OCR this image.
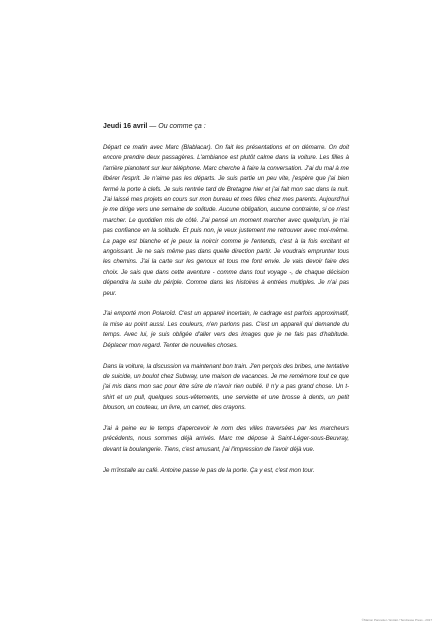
Jeudi 16 avril — Ou comme ça :

Départ ce matin avec Marc (Blablacar). On fait les présentations et on démarre. On doit encore prendre deux passagères. L'ambiance est plutôt calme dans la voiture. Les filles à l'arrière pianotent sur leur téléphone. Marc cherche à faire la conversation. J'ai du mal à me libérer l'esprit. Je n'aime pas les départs. Je suis partie un peu vite, j'espère que j'ai bien fermé la porte à clefs. Je suis rentrée tard de Bretagne hier et j'ai fait mon sac dans la nuit. J'ai laissé mes projets en cours sur mon bureau et mes filles chez mes parents. Aujourd'hui je me dirige vers une semaine de solitude. Aucune obligation, aucune contrainte, si ce n'est marcher. Le quotidien mis de côté. J'ai pensé un moment marcher avec quelqu'un, je n'ai pas confiance en la solitude. Et puis non, je veux justement me retrouver avec moi-même. La page est blanche et je peux la noircir comme je l'entends, c'est à la fois excitant et angoissant. Je ne sais même pas dans quelle direction partir. Je voudrais emprunter tous les chemins. J'ai la carte sur les genoux et tous me font envie. Je vais devoir faire des choix. Je sais que dans cette aventure - comme dans tout voyage -, de chaque décision dépendra la suite du périple. Comme dans les histoires à entrées multiples. Je n'ai pas peur.

J'ai emporté mon Polaroïd. C'est un appareil incertain, le cadrage est parfois approximatif, la mise au point aussi. Les couleurs, n'en parlons pas. C'est un appareil qui demande du temps. Avec lui, je suis obligée d'aller vers des images que je ne fais pas d'habitude. Déplacer mon regard. Tenter de nouvelles choses.

Dans la voiture, la discussion va maintenant bon train. J'en perçois des bribes, une tentative de suicide, un boulot chez Subway, une maison de vacances. Je me remémore tout ce que j'ai mis dans mon sac pour être sûre de n'avoir rien oublié. Il n'y a pas grand chose. Un t-shirt et un pull, quelques sous-vêtements, une serviette et une brosse à dents, un petit blouson, un couteau, un livre, un carnet, des crayons.

J'ai à peine eu le temps d'apercevoir le nom des villes traversées par les marcheurs précédents, nous sommes déjà arrivés. Marc me dépose à Saint-Léger-sous-Beuvray, devant la boulangerie. Tiens, c'est amusant, j'ai l'impression de l'avoir déjà vue.

Je m'installe au café. Antoine passe le pas de la porte. Ça y est, c'est mon tour.

©Marion Pannetier / Extrait / Tendresse Press - 2017
